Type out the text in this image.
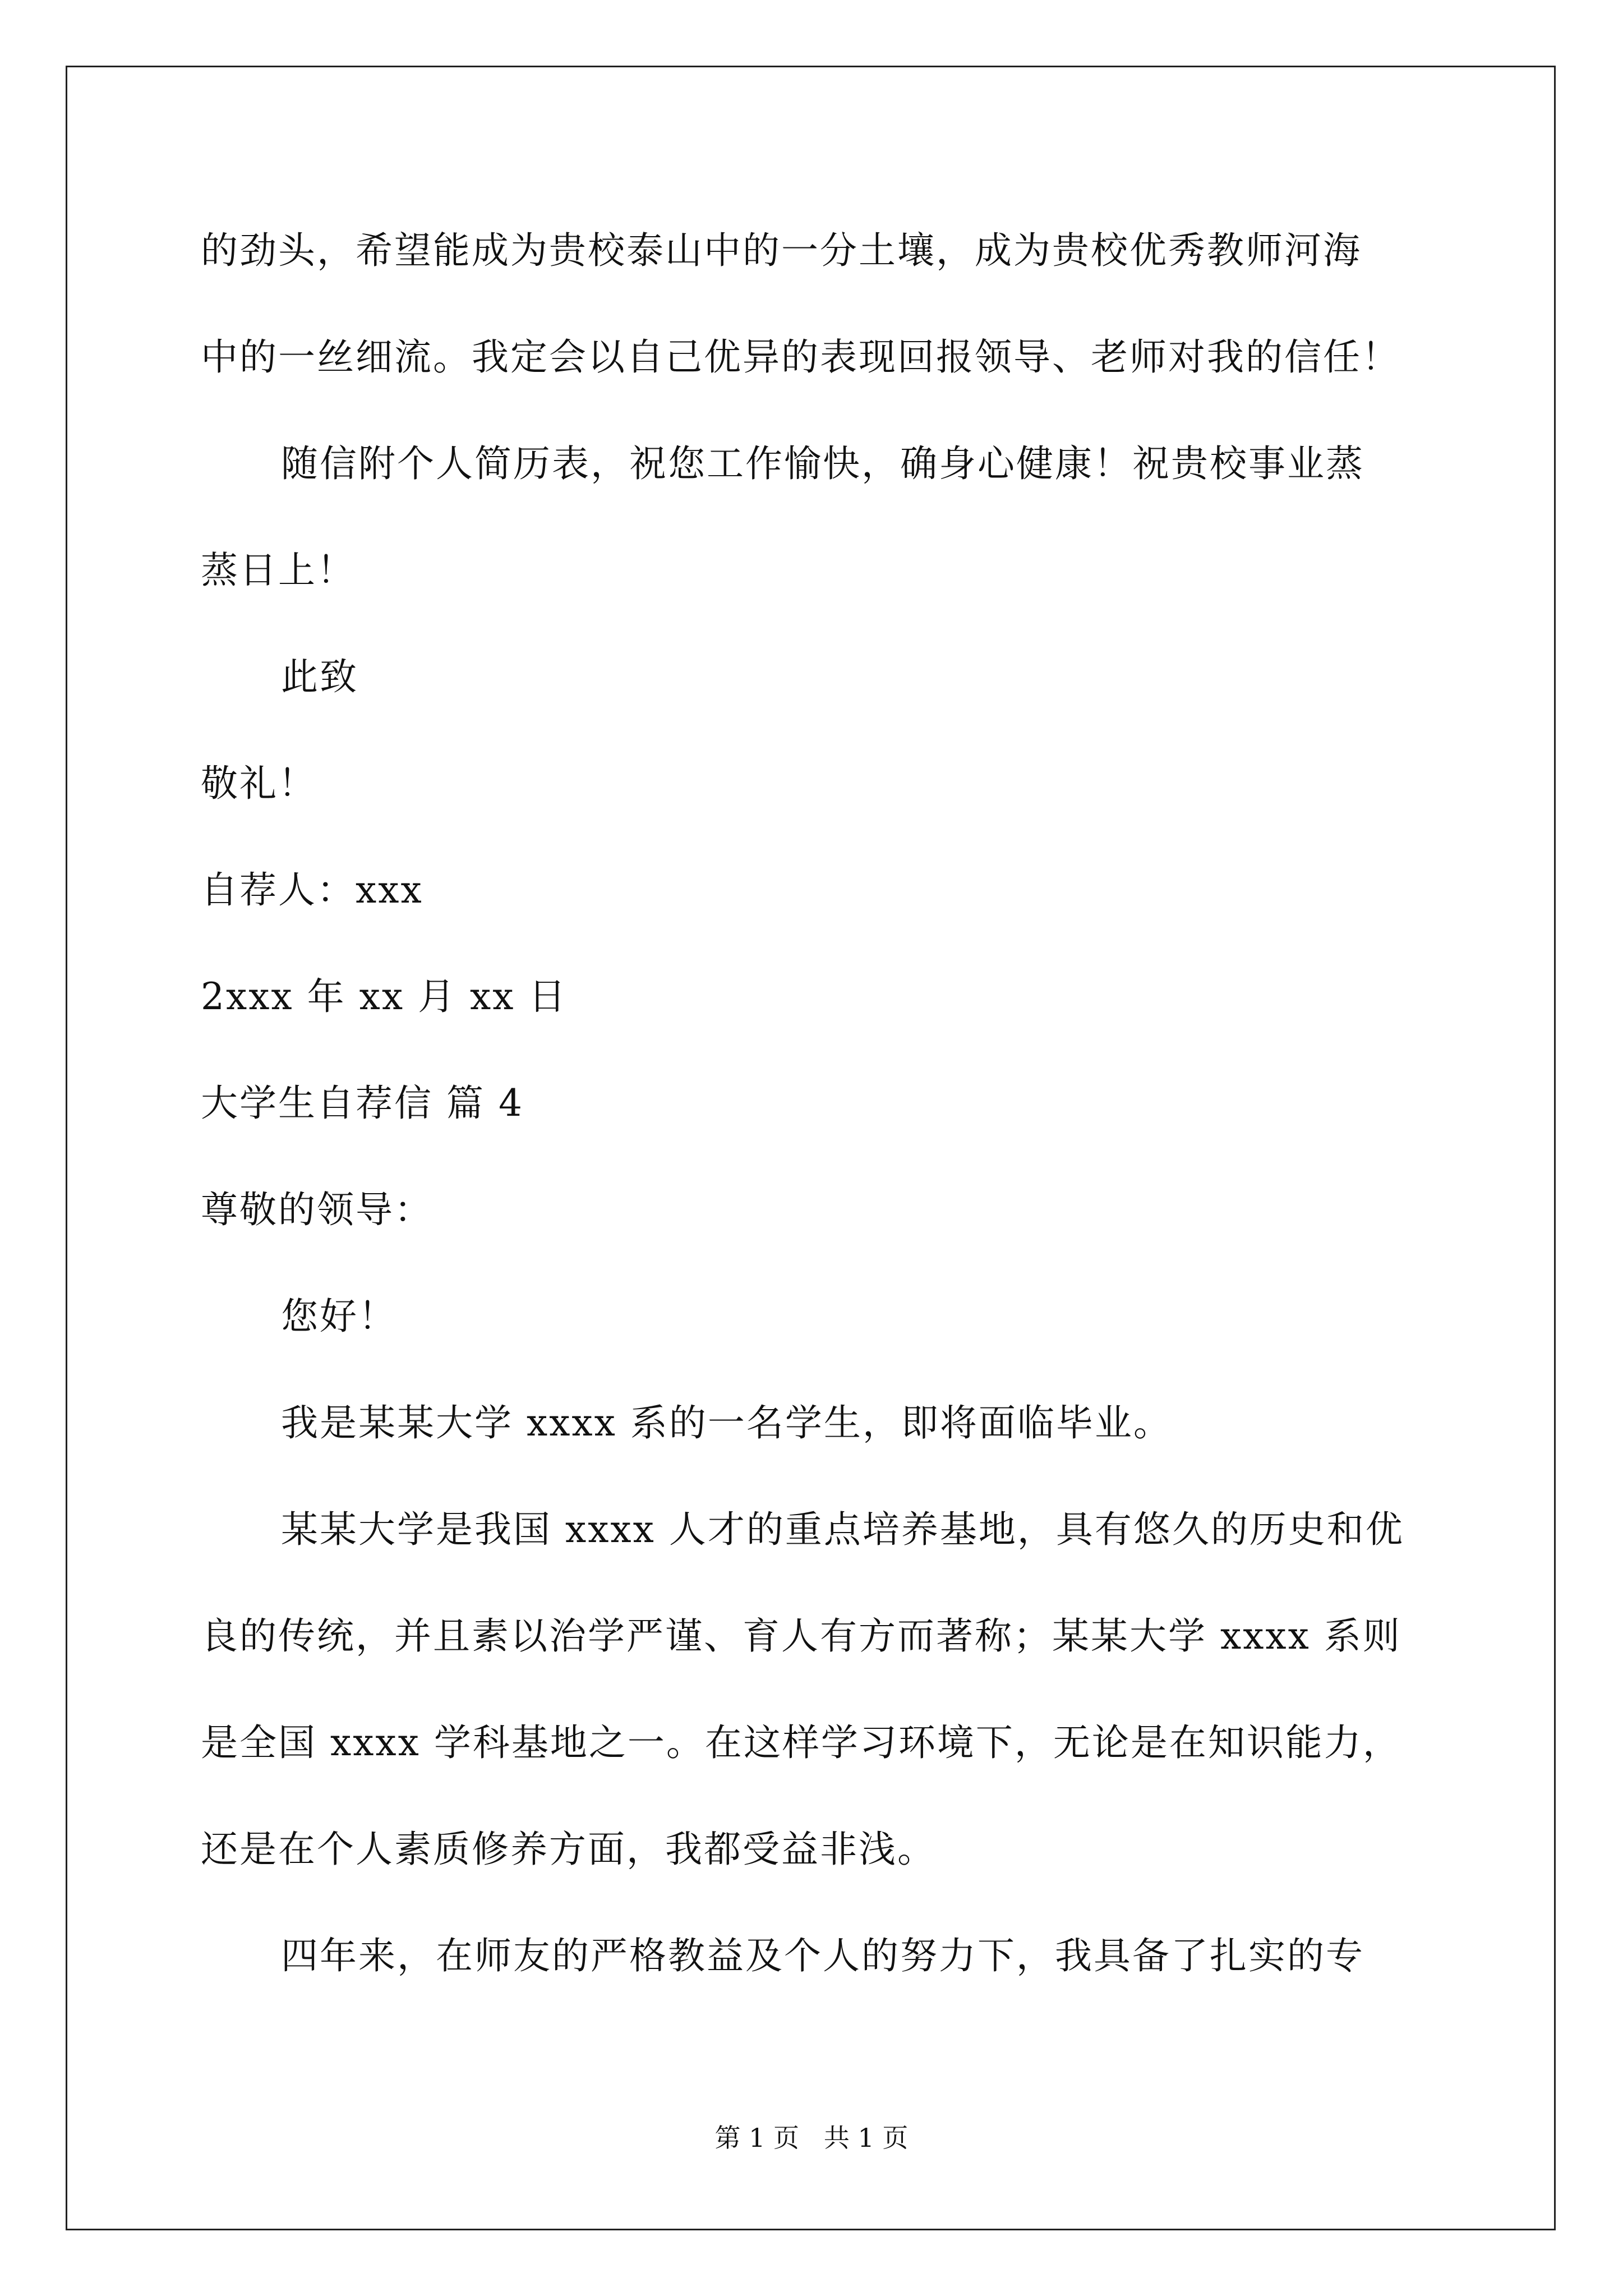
的劲头，希望能成为贵校泰山中的一分土壤，成为贵校优秀教师河海
中的一丝细流。我定会以自己优异的表现回报领导、老师对我的信任！
随信附个人简历表，祝您工作愉快，确身心健康！祝贵校事业蒸
蒸日上！
此致
敬礼！
自荐人：xxx
2xxx 年 xx 月 xx 日
大学生自荐信 篇 4
尊敬的领导：
您好！
我是某某大学 xxxx 系的一名学生，即将面临毕业。
某某大学是我国 xxxx 人才的重点培养基地，具有悠久的历史和优
良的传统，并且素以治学严谨、育人有方而著称；某某大学 xxxx 系则
是全国 xxxx 学科基地之一。在这样学习环境下，无论是在知识能力，
还是在个人素质修养方面，我都受益非浅。
四年来，在师友的严格教益及个人的努力下，我具备了扎实的专
第 1 页   共 1 页
